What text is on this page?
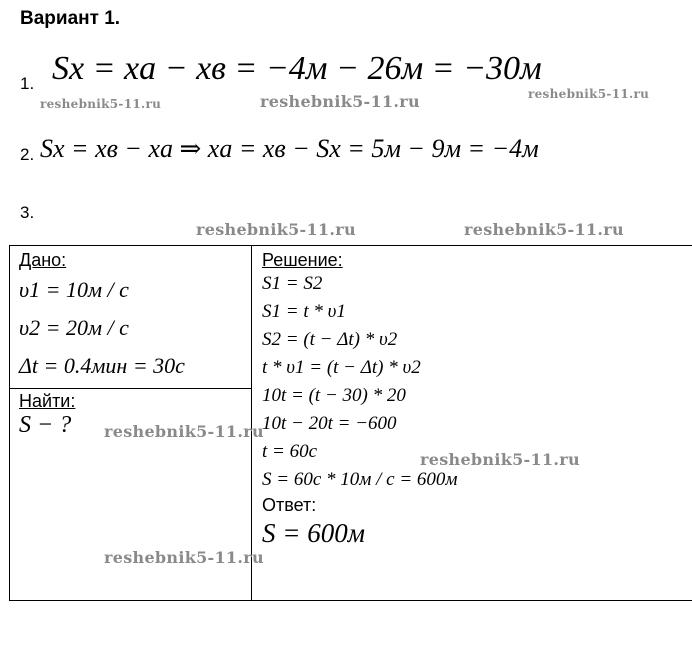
Вариант 1.
1. Sx = xa − xв = −4м − 26м = −30м
2. Sx = xв − xa ⇒ xa = xв − Sx = 5м − 9м = −4м
3.
Дано:
υ1 = 10м / с
υ2 = 20м / с
Δt = 0.4мин = 30с

Решение:
S1 = S2
S1 = t * υ1
S2 = (t − Δt) * υ2
t * υ1 = (t − Δt) * υ2
10t = (t − 30) * 20
10t − 20t = −600
t = 60c
S = 60c * 10м / c = 600м
Ответ:
S = 600м

Найти:
S − ?
reshebnik5-11.ru	reshebnik5-11.ru	reshebnik5-11.ru
reshebnik5-11.ru	reshebnik5-11.ru
reshebnik5-11.ru
reshebnik5-11.ru
reshebnik5-11.ru
